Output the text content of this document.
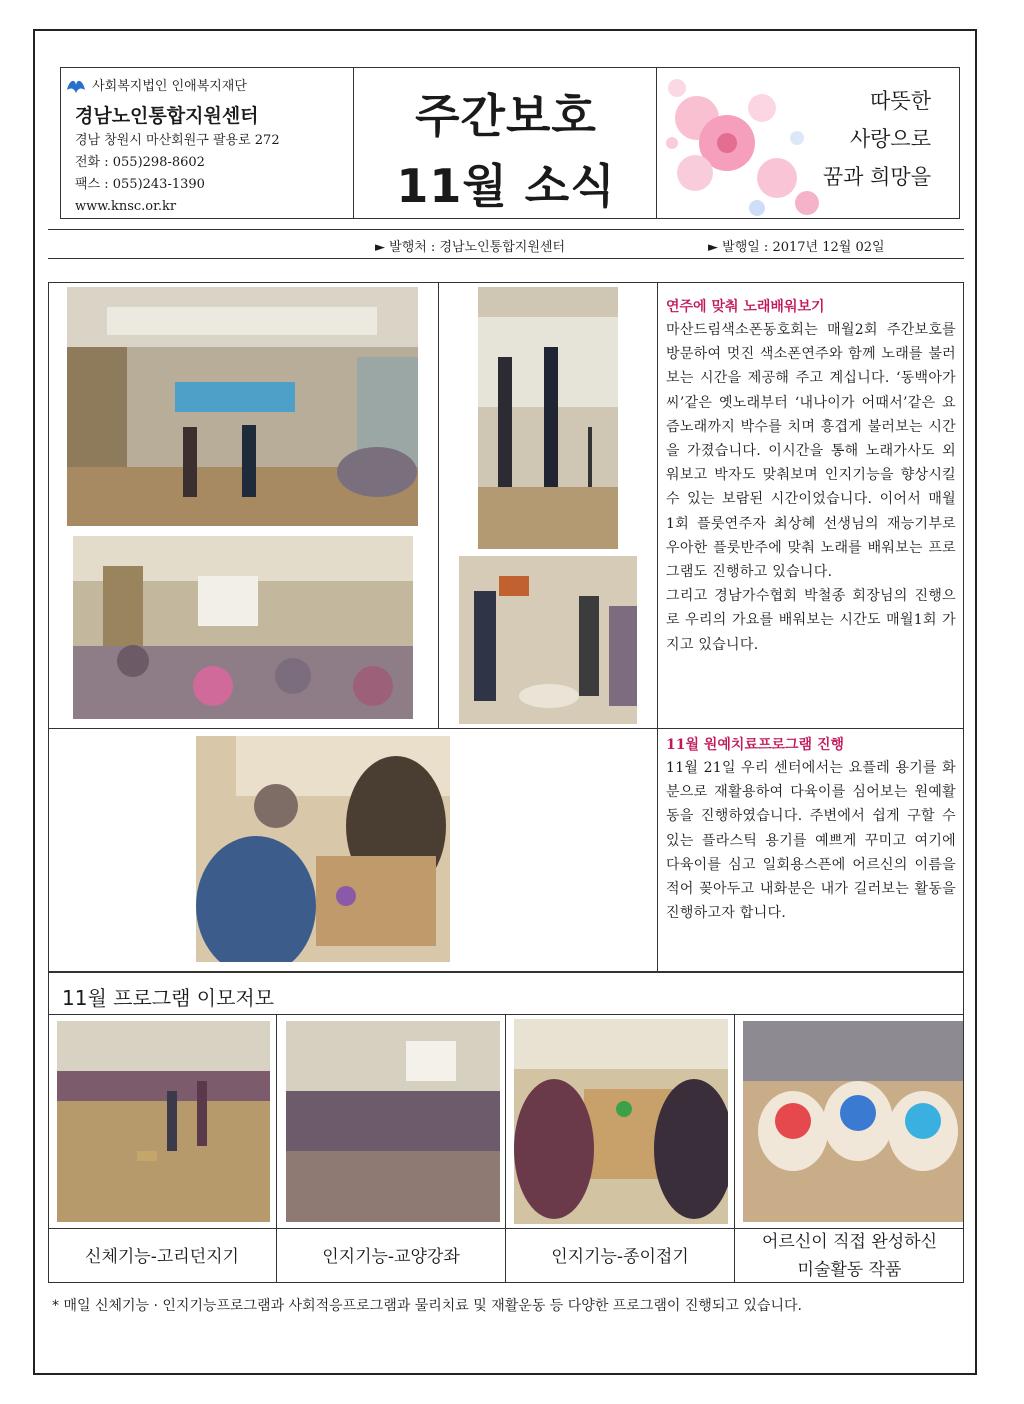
사회복지법인 인애복지재단
경남노인통합지원센터
경남 창원시 마산회원구 팔용로 272
전화 : 055)298-8602
팩스 : 055)243-1390
www.knsc.or.kr
주간보호
11월 소식
따뜻한
사랑으로
꿈과 희망을
► 발행처 : 경남노인통합지원센터	► 발행일 : 2017년 12월 02일
연주에 맞춰 노래배워보기
마산드림색소폰동호회는 매월2회 주간보호를 방문하여 멋진 색소폰연주와 함께 노래를 불러보는 시간을 제공해 주고 계십니다. ‘동백아가씨’같은 옛노래부터 ‘내나이가 어때서’같은 요즘노래까지 박수를 치며 흥겹게 불러보는 시간을 가졌습니다. 이시간을 통해 노래가사도 외워보고 박자도 맞춰보며 인지기능을 향상시킬 수 있는 보람된 시간이었습니다. 이어서 매월 1회 플룻연주자 최상혜 선생님의 재능기부로 우아한 플룻반주에 맞춰 노래를 배워보는 프로그램도 진행하고 있습니다.
그리고 경남가수협회 박철종 회장님의 진행으로 우리의 가요를 배워보는 시간도 매월1회 가지고 있습니다.
11월 원예치료프로그램 진행
11월 21일 우리 센터에서는 요플레 용기를 화분으로 재활용하여 다육이를 심어보는 원예활동을 진행하였습니다. 주변에서 쉽게 구할 수 있는 플라스틱 용기를 예쁘게 꾸미고 여기에 다육이를 심고 일회용스픈에 어르신의 이름을 적어 꽂아두고 내화분은 내가 길러보는 활동을 진행하고자 합니다.
11월 프로그램 이모저모
신체기능-고리던지기	인지기능-교양강좌	인지기능-종이접기
어르신이 직접 완성하신
미술활동 작품
* 매일 신체기능 · 인지기능프로그램과 사회적응프로그램과 물리치료 및 재활운동 등 다양한 프로그램이 진행되고 있습니다.
